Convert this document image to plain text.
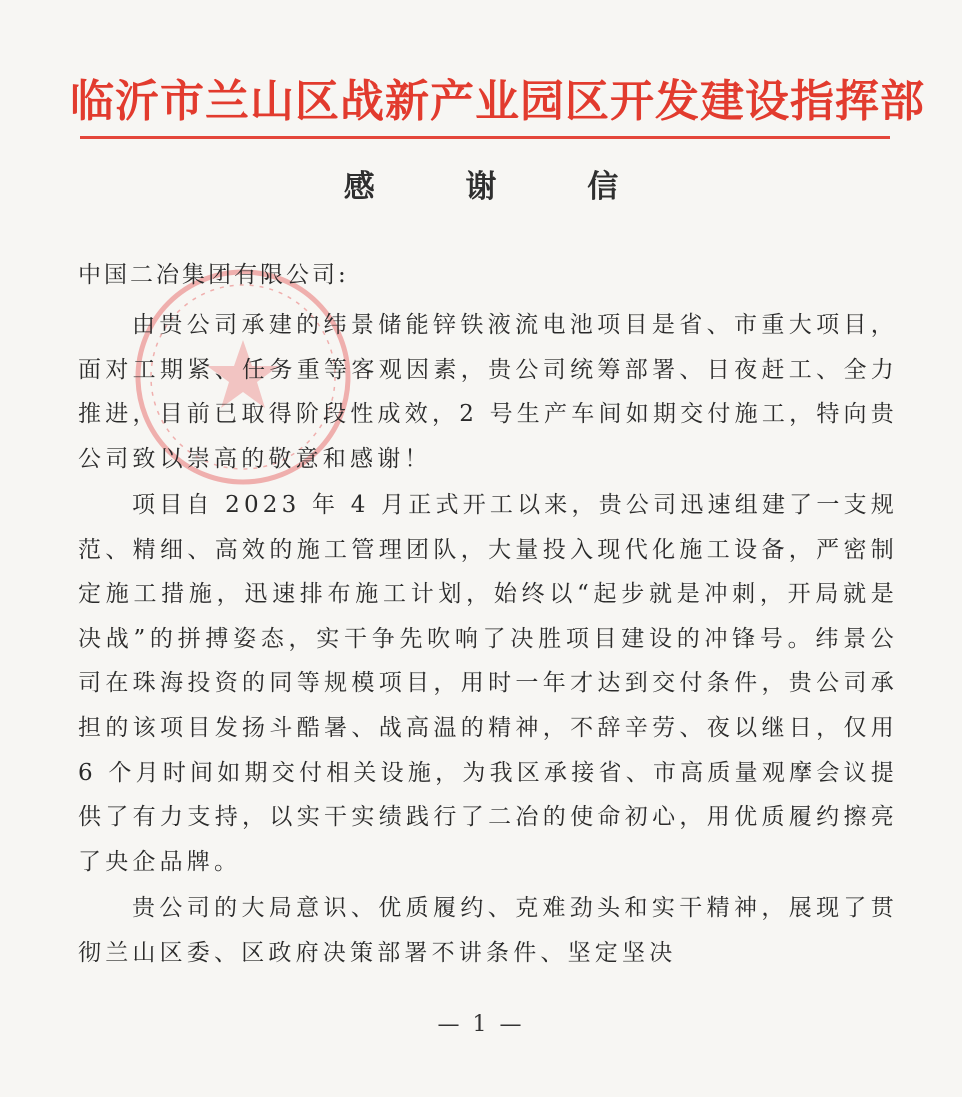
临沂市兰山区战新产业园区开发建设指挥部
感 谢 信
中国二冶集团有限公司:

由贵公司承建的纬景储能锌铁液流电池项目是省、市重大项目，面对工期紧、任务重等客观因素，贵公司统筹部署、日夜赶工、全力推进，目前已取得阶段性成效，2 号生产车间如期交付施工，特向贵公司致以崇高的敬意和感谢！

项目自 2023 年 4 月正式开工以来，贵公司迅速组建了一支规范、精细、高效的施工管理团队，大量投入现代化施工设备，严密制定施工措施，迅速排布施工计划，始终以“起步就是冲刺，开局就是决战”的拼搏姿态，实干争先吹响了决胜项目建设的冲锋号。纬景公司在珠海投资的同等规模项目，用时一年才达到交付条件，贵公司承担的该项目发扬斗酷暑、战高温的精神，不辞辛劳、夜以继日，仅用 6 个月时间如期交付相关设施，为我区承接省、市高质量观摩会议提供了有力支持，以实干实绩践行了二冶的使命初心，用优质履约擦亮了央企品牌。

贵公司的大局意识、优质履约、克难劲头和实干精神，展现了贯彻兰山区委、区政府决策部署不讲条件、坚定坚决

— 1 —
